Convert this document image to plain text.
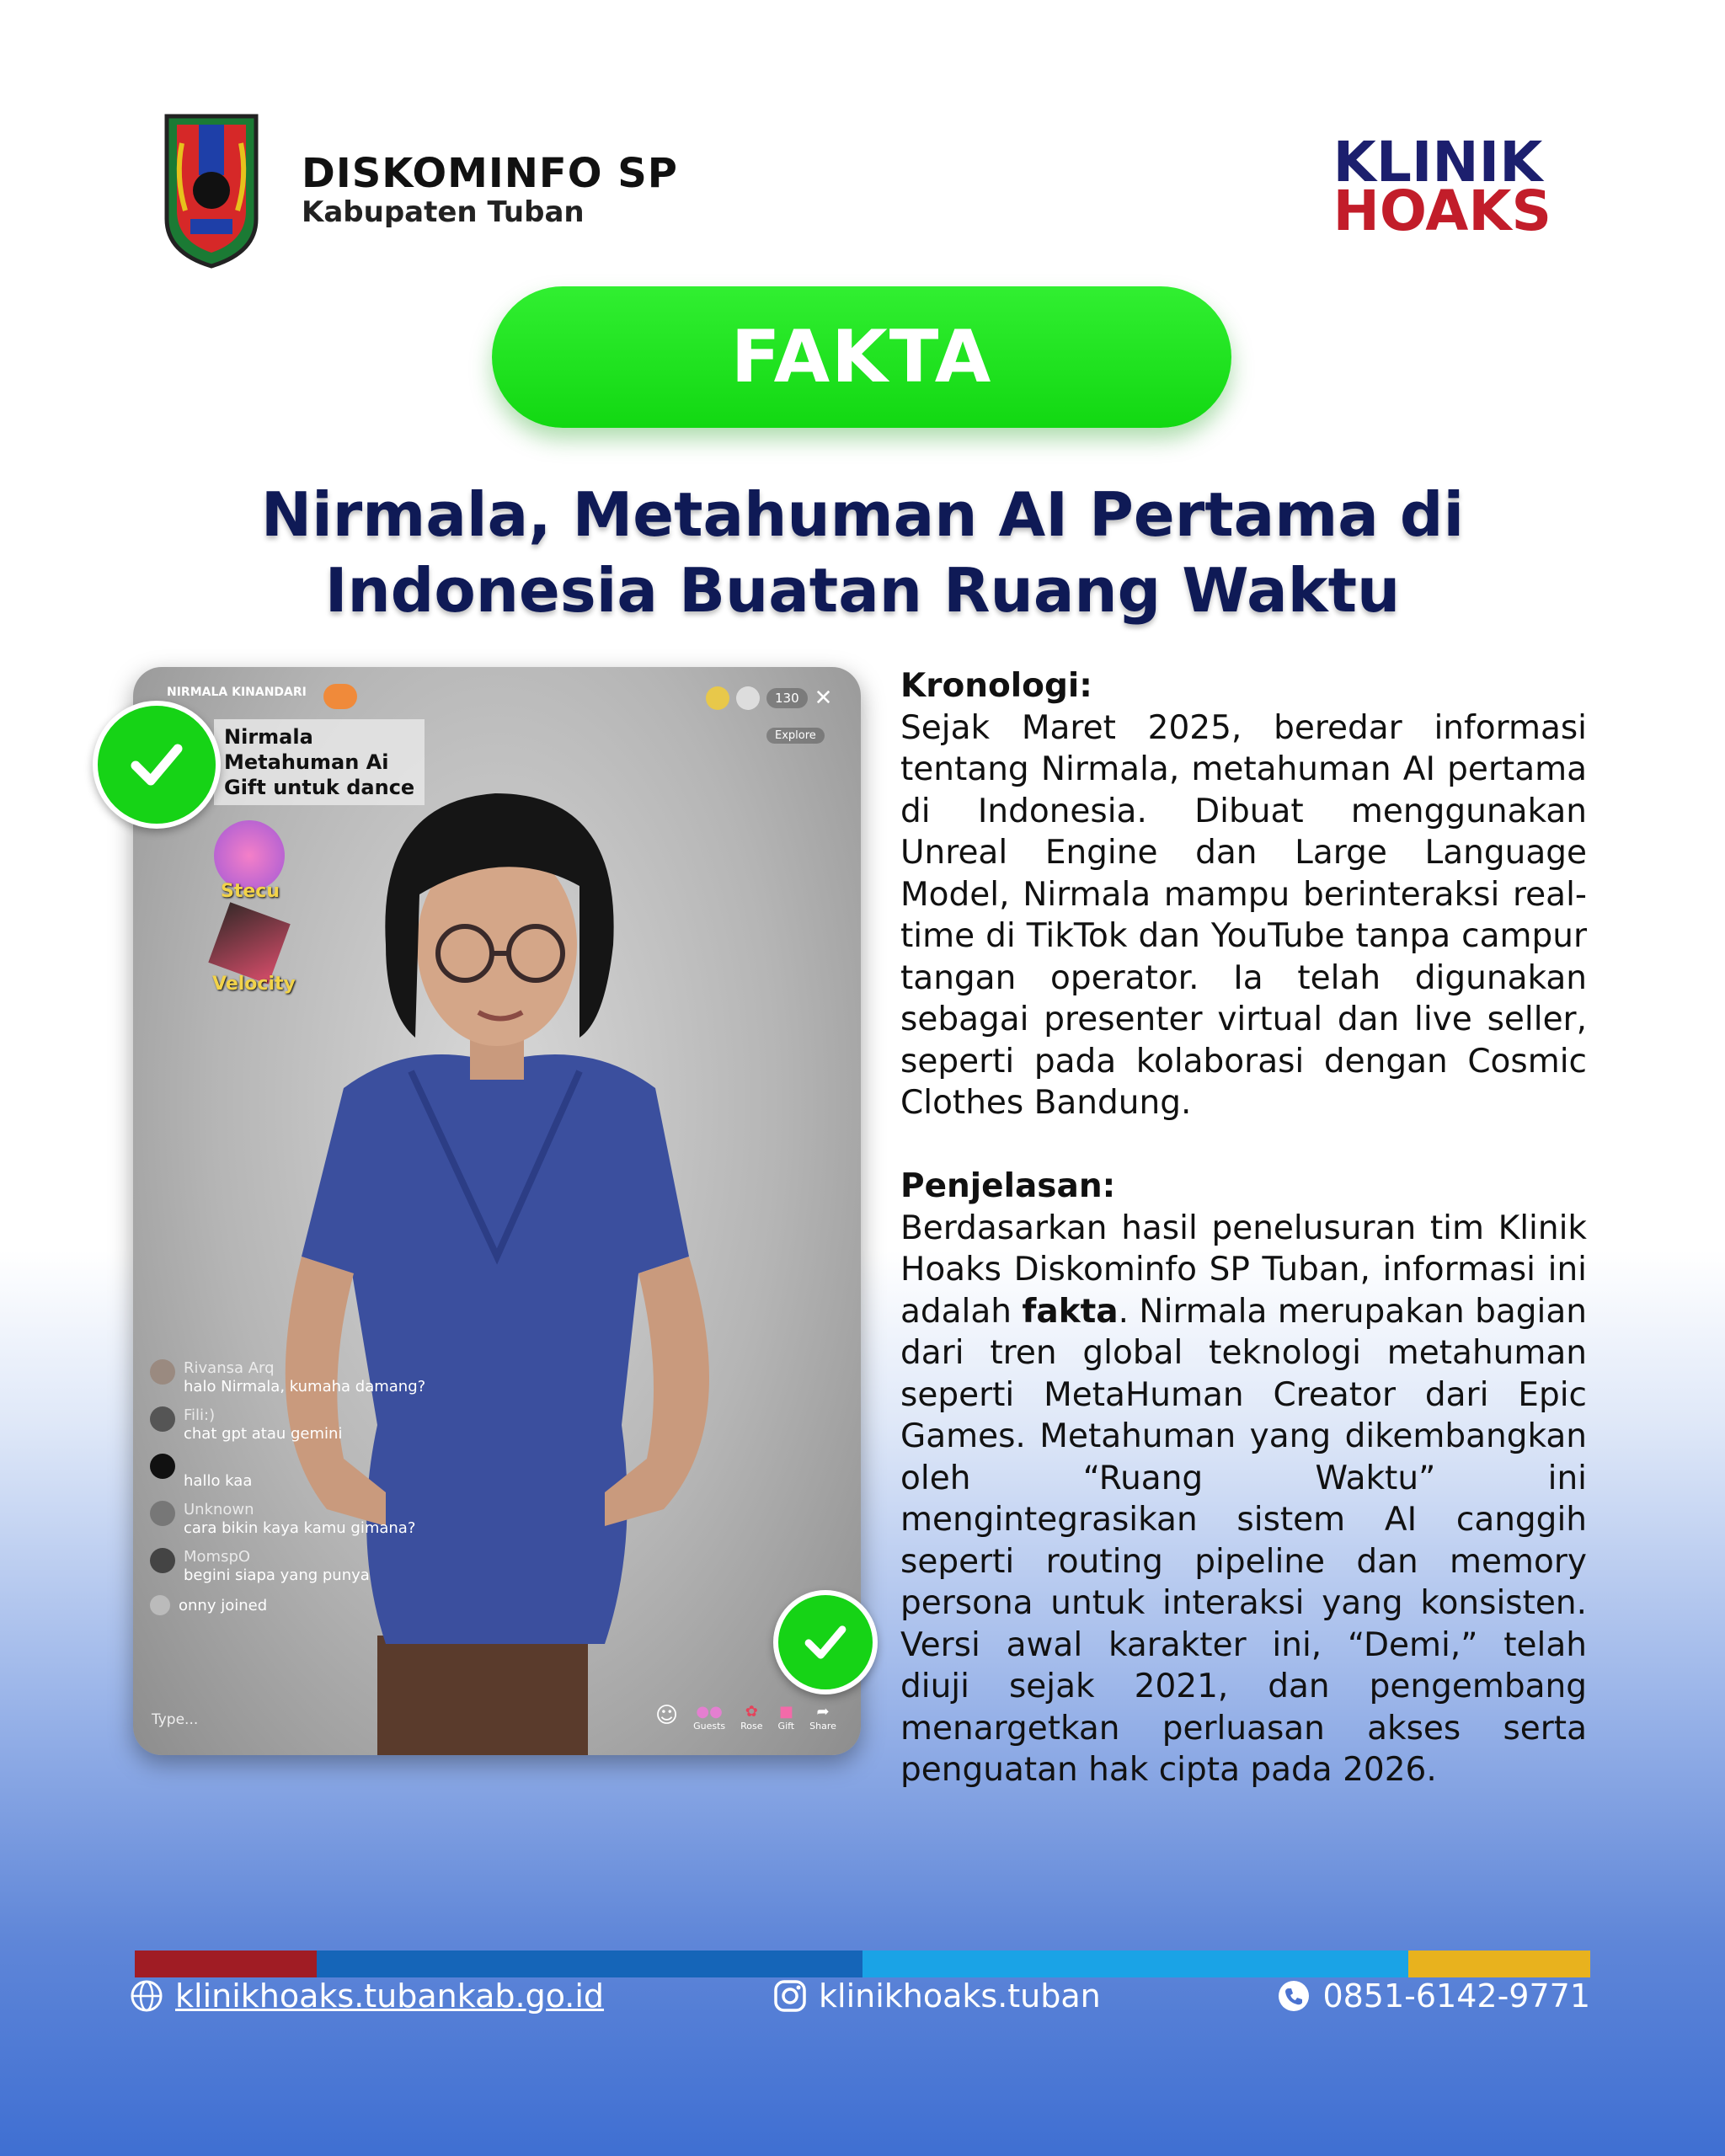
DISKOMINFO SP
Kabupaten Tuban
KLINIK
HOAKS
FAKTA
Nirmala, Metahuman AI Pertama di
Indonesia Buatan Ruang Waktu
NIRMALA KINANDARI	130 ✕
Explore
Nirmala
Metahuman Ai
Gift untuk dance
Stecu
Velocity
Rivansa Arq
halo Nirmala, kumaha damang?
Fili:)
chat gpt atau gemini
hallo kaa
Unknown
cara bikin kaya kamu gimana?
MomspO
begini siapa yang punya
onny joined
Type...	☺ ●●
Guests
✿
Rose
■
Gift
➦
Share

Kronologi:

Sejak Maret 2025, beredar informasi tentang Nirmala, metahuman AI pertama di Indonesia. Dibuat menggunakan Unreal Engine dan Large Language Model, Nirmala mampu berinteraksi real-time di TikTok dan YouTube tanpa campur tangan operator. Ia telah digunakan sebagai presenter virtual dan live seller, seperti pada kolaborasi dengan Cosmic Clothes Bandung.

Penjelasan:

Berdasarkan hasil penelusuran tim Klinik Hoaks Diskominfo SP Tuban, informasi ini adalah fakta. Nirmala merupakan bagian dari tren global teknologi metahuman seperti MetaHuman Creator dari Epic Games. Metahuman yang dikembangkan oleh “Ruang Waktu” ini mengintegrasikan sistem AI canggih seperti routing pipeline dan memory persona untuk interaksi yang konsisten. Versi awal karakter ini, “Demi,” telah diuji sejak 2021, dan pengembang menargetkan perluasan akses serta penguatan hak cipta pada 2026.

klinikhoaks.tubankab.go.id	klinikhoaks.tuban	0851-6142-9771
